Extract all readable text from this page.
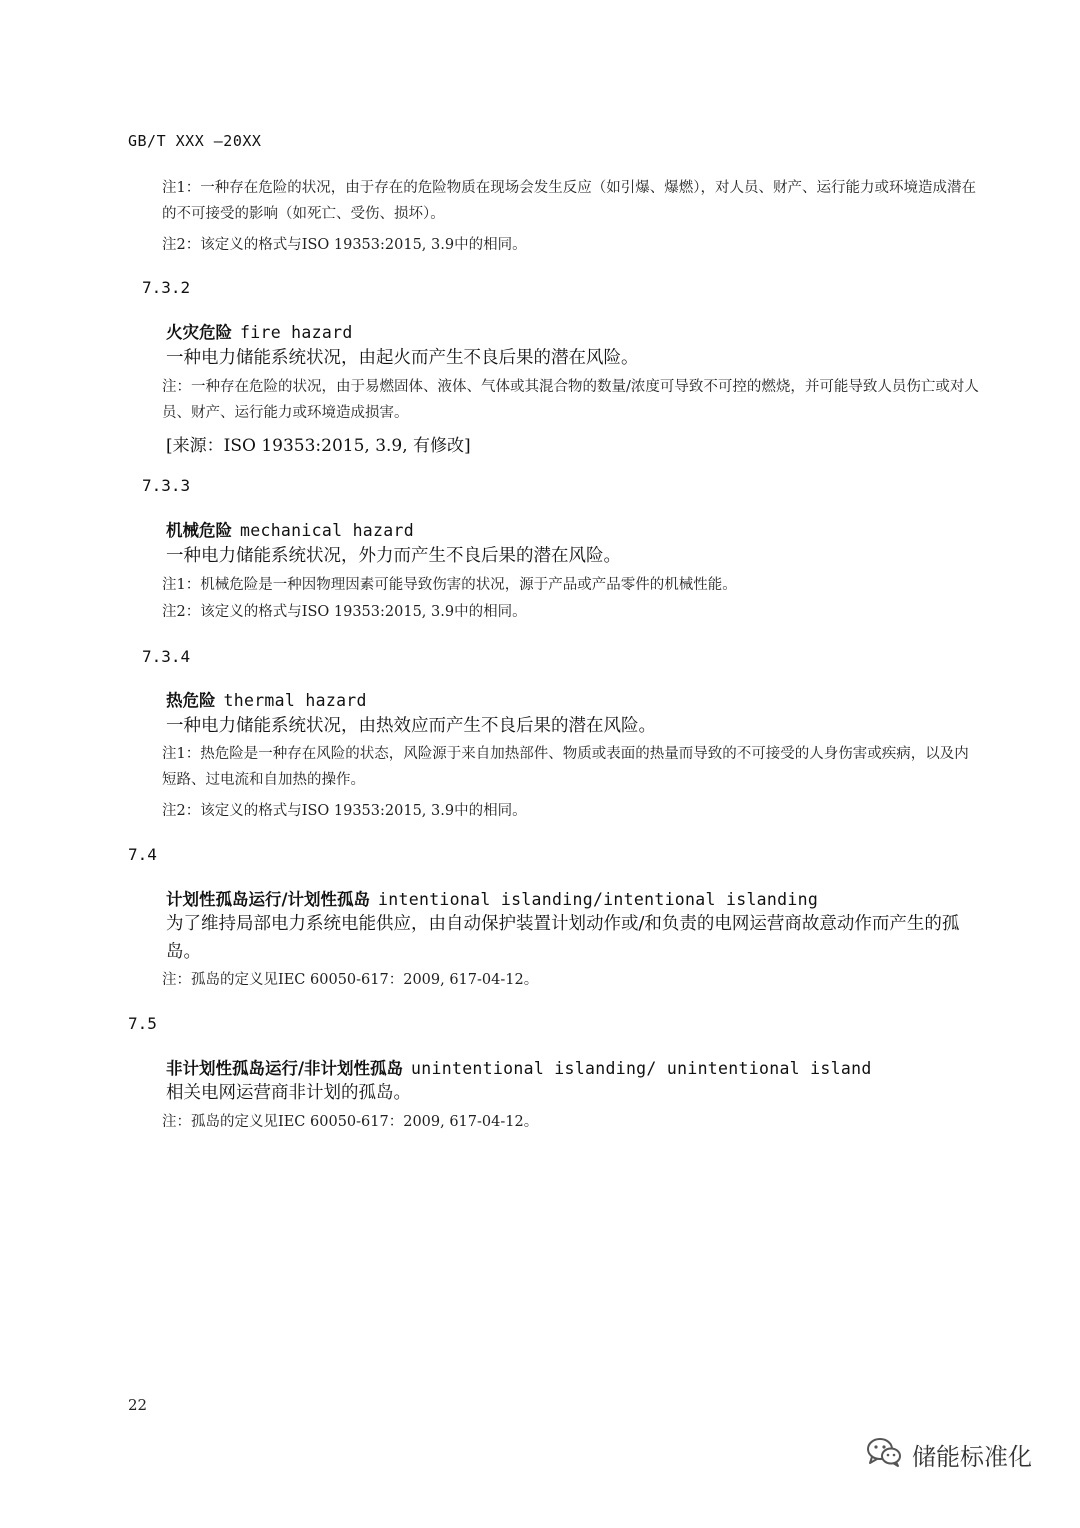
GB/T XXX —20XX
注1：一种存在危险的状况，由于存在的危险物质在现场会发生反应（如引爆、爆燃），对人员、财产、运行能力或环境造成潜在的不可接受的影响（如死亡、受伤、损坏）。
注2：该定义的格式与ISO 19353:2015, 3.9中的相同。
7.3.2
火灾危险 fire hazard
一种电力储能系统状况，由起火而产生不良后果的潜在风险。
注：一种存在危险的状况，由于易燃固体、液体、气体或其混合物的数量/浓度可导致不可控的燃烧，并可能导致人员伤亡或对人员、财产、运行能力或环境造成损害。
[来源：ISO 19353:2015, 3.9, 有修改]
7.3.3
机械危险 mechanical hazard
一种电力储能系统状况，外力而产生不良后果的潜在风险。
注1：机械危险是一种因物理因素可能导致伤害的状况，源于产品或产品零件的机械性能。
注2：该定义的格式与ISO 19353:2015, 3.9中的相同。
7.3.4
热危险 thermal hazard
一种电力储能系统状况，由热效应而产生不良后果的潜在风险。
注1：热危险是一种存在风险的状态，风险源于来自加热部件、物质或表面的热量而导致的不可接受的人身伤害或疾病，以及内短路、过电流和自加热的操作。
注2：该定义的格式与ISO 19353:2015, 3.9中的相同。
7.4
计划性孤岛运行/计划性孤岛 intentional islanding/intentional islanding
为了维持局部电力系统电能供应，由自动保护装置计划动作或/和负责的电网运营商故意动作而产生的孤岛。
注：孤岛的定义见IEC 60050-617：2009, 617-04-12。
7.5
非计划性孤岛运行/非计划性孤岛 unintentional islanding/ unintentional island
相关电网运营商非计划的孤岛。
注：孤岛的定义见IEC 60050-617：2009, 617-04-12。
22
储能标准化
